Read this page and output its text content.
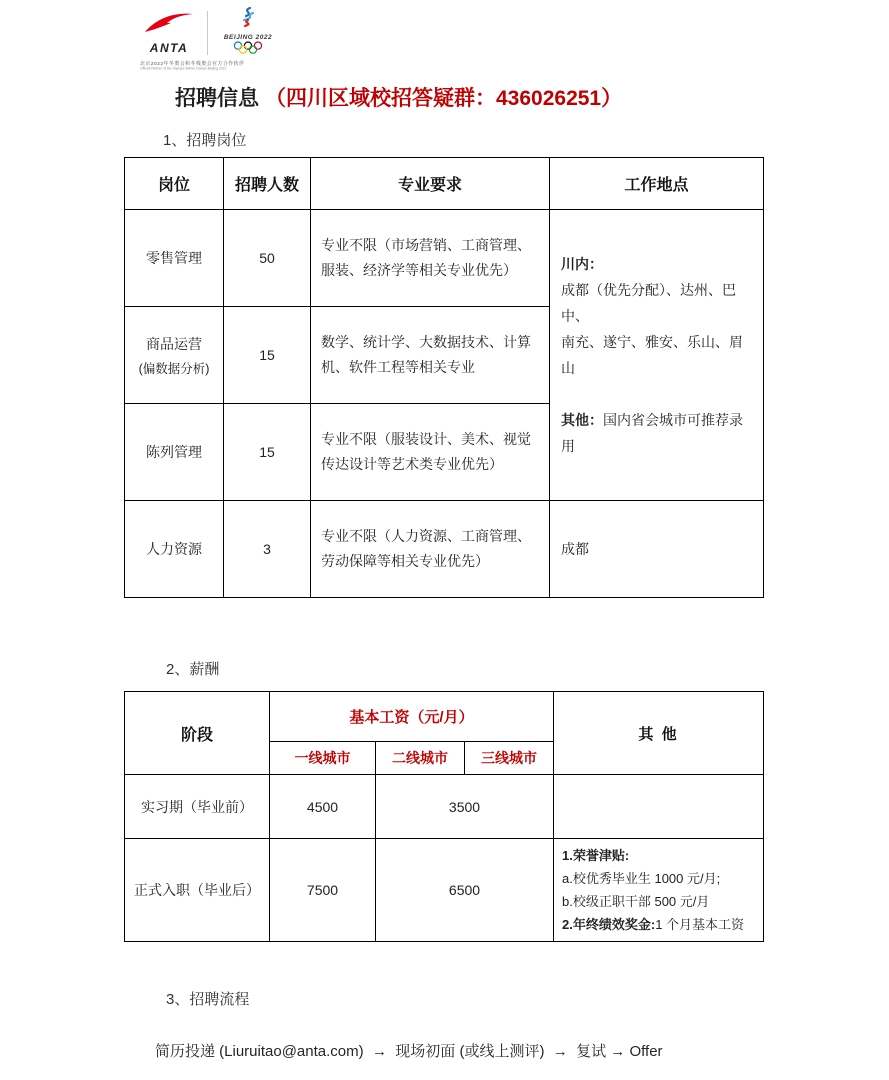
ANTA
BEIJING 2022
北京2022年冬奥会和冬残奥会官方合作伙伴
Official Partner of the Olympic Winter Games Beijing 2022
招聘信息 （四川区域校招答疑群：436026251）
1、招聘岗位
岗位	招聘人数	专业要求	工作地点
零售管理	50	专业不限（市场营销、工商管理、服装、经济学等相关专业优先）	川内：
成都（优先分配）、达州、巴中、
南充、遂宁、雅安、乐山、眉山
其他：国内省会城市可推荐录用

商品运营
(偏数据分析)	15	数学、统计学、大数据技术、计算机、软件工程等相关专业	
陈列管理	15	专业不限（服装设计、美术、视觉传达设计等艺术类专业优先）	
人力资源	3	专业不限（人力资源、工商管理、劳动保障等相关专业优先）	成都
2、薪酬
阶段	基本工资（元/月）			其 他
	一线城市	二线城市	三线城市	
实习期（毕业前）	4500	3500		
正式入职（毕业后）	7500	6500		1.荣誉津贴:
a.校优秀毕业生 1000 元/月;
b.校级正职干部 500 元/月
2.年终绩效奖金:1 个月基本工资
3、招聘流程
简历投递 (Liuruitao@anta.com)  →  现场初面 (或线上测评)  →  复试 → Offer
